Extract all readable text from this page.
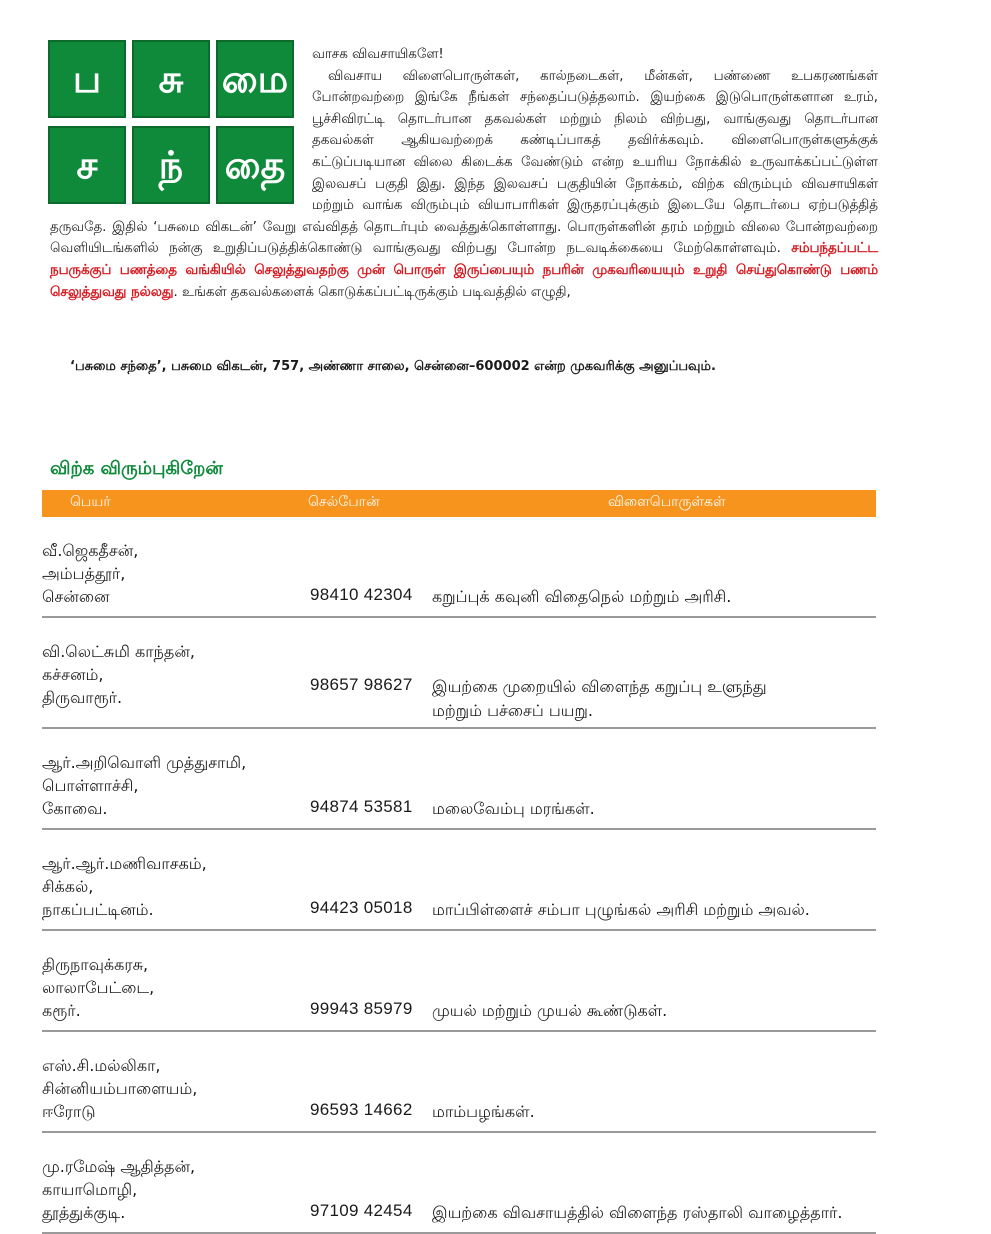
ப சு மை
ச ந் தை
வாசக விவசாயிகளே!
விவசாய விளைபொருள்கள், கால்நடைகள், மீன்கள், பண்ணை உபகரணங்கள் போன்றவற்றை இங்கே நீங்கள் சந்தைப்படுத்தலாம். இயற்கை இடுபொருள்களான உரம், பூச்சிவிரட்டி தொடர்பான தகவல்கள் மற்றும் நிலம் விற்பது, வாங்குவது தொடர்பான தகவல்கள் ஆகியவற்றைக் கண்டிப்பாகத் தவிர்க்கவும். விளைபொருள்களுக்குக் கட்டுப்படியான விலை கிடைக்க வேண்டும் என்ற உயரிய நோக்கில் உருவாக்கப்பட்டுள்ள இலவசப் பகுதி இது. இந்த இலவசப் பகுதியின் நோக்கம், விற்க விரும்பும் விவசாயிகள் மற்றும் வாங்க விரும்பும் வியாபாரிகள் இருதரப்புக்கும் இடையே தொடர்பை ஏற்படுத்தித் தருவதே. இதில் ‘பசுமை விகடன்’ வேறு எவ்விதத் தொடர்பும் வைத்துக்கொள்ளாது. பொருள்களின் தரம் மற்றும் விலை போன்றவற்றை வெளியிடங்களில் நன்கு உறுதிப்படுத்திக்கொண்டு வாங்குவது விற்பது போன்ற நடவடிக்கையை மேற்கொள்ளவும். சம்பந்தப்பட்ட நபருக்குப் பணத்தை வங்கியில் செலுத்துவதற்கு முன் பொருள் இருப்பையும் நபரின் முகவரியையும் உறுதி செய்துகொண்டு பணம் செலுத்துவது நல்லது. உங்கள் தகவல்களைக் கொடுக்கப்பட்டிருக்கும் படிவத்தில் எழுதி,
‘பசுமை சந்தை’, பசுமை விகடன், 757, அண்ணா சாலை, சென்னை–600002 என்ற முகவரிக்கு அனுப்பவும்.
விற்க விரும்புகிறேன்
பெயர்	செல்போன்	விளைபொருள்கள்
வீ.ஜெகதீசன்,
அம்பத்தூர்,
சென்னை	98410 42304 கறுப்புக் கவுனி விதைநெல் மற்றும் அரிசி.
வி.லெட்சுமி காந்தன்,
கச்சனம்,
திருவாரூர்.
98657 98627 இயற்கை முறையில் விளைந்த கறுப்பு உளுந்து
மற்றும் பச்சைப் பயறு.
ஆர்.அறிவொளி முத்துசாமி,
பொள்ளாச்சி,
கோவை.	94874 53581 மலைவேம்பு மரங்கள்.
ஆர்.ஆர்.மணிவாசகம்,
சிக்கல்,
நாகப்பட்டினம்.	94423 05018 மாப்பிள்ளைச் சம்பா புழுங்கல் அரிசி மற்றும் அவல்.
திருநாவுக்கரசு,
லாலாபேட்டை,
கரூர்.	99943 85979 முயல் மற்றும் முயல் கூண்டுகள்.
எஸ்.சி.மல்லிகா,
சின்னியம்பாளையம்,
ஈரோடு	96593 14662 மாம்பழங்கள்.
மு.ரமேஷ் ஆதித்தன்,
காயாமொழி,
தூத்துக்குடி.	97109 42454 இயற்கை விவசாயத்தில் விளைந்த ரஸ்தாலி வாழைத்தார்.
